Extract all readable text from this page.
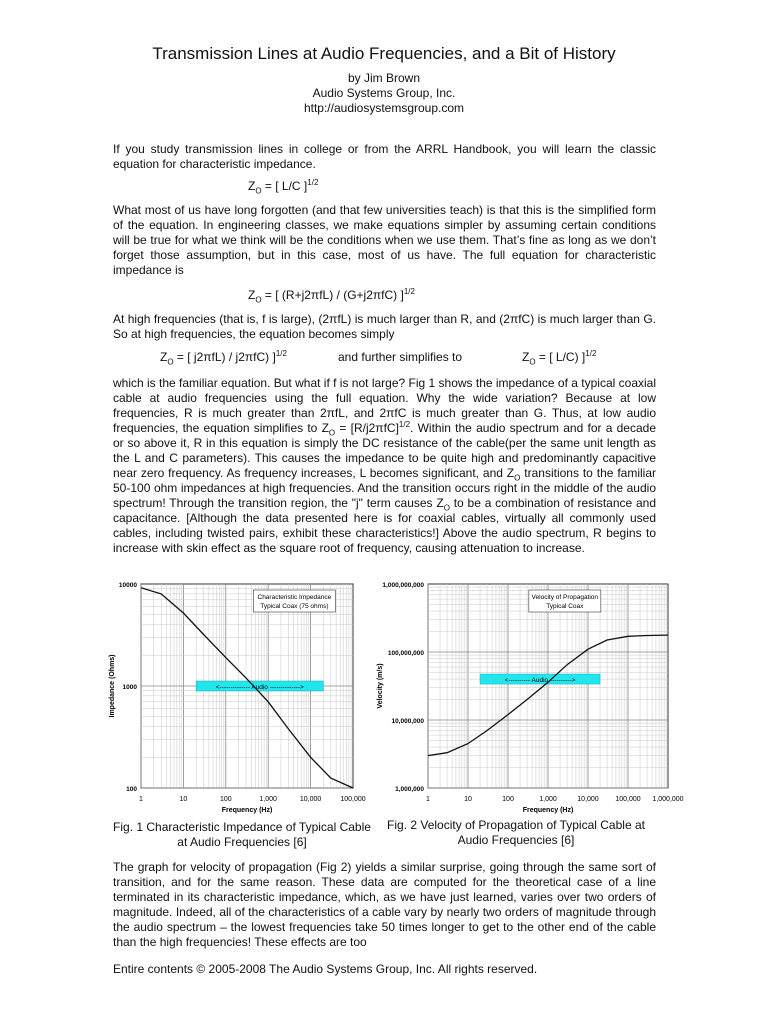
Transmission Lines at Audio Frequencies, and a Bit of History
by Jim Brown
Audio Systems Group, Inc.
http://audiosystemsgroup.com
If you study transmission lines in college or from the ARRL Handbook, you will learn the classic equation for characteristic impedance.
$Z_O$ = [ L/C ]$^{1/2}$
What most of us have long forgotten (and that few universities teach) is that this is the simplified form of the equation. In engineering classes, we make equations simpler by assuming certain conditions will be true for what we think will be the conditions when we use them. That’s fine as long as we don’t forget those assumption, but in this case, most of us have. The full equation for characteristic impedance is
$Z_O$ = [ (R+j2πfL) / (G+j2πfC) ]$^{1/2}$
At high frequencies (that is, f is large), (2πfL) is much larger than R, and (2πfC) is much larger than G. So at high frequencies, the equation becomes simply
$Z_O$ = [ j2πfL) / j2πfC) ]$^{1/2}$	and further simplifies to	$Z_O$ = [ L/C) ]$^{1/2}$
which is the familiar equation. But what if f is not large? Fig 1 shows the impedance of a typical coaxial cable at audio frequencies using the full equation. Why the wide variation? Because at low frequencies, R is much greater than 2πfL, and 2πfC is much greater than G. Thus, at low audio frequencies, the equation simplifies to $Z_O = [R/j2\pi fC]^{1/2}$. Within the audio spectrum and for a decade or so above it, R in this equation is simply the DC resistance of the cable(per the same unit length as the L and C parameters). This causes the impedance to be quite high and predominantly capacitive near zero frequency. As frequency increases, L becomes significant, and $Z_O$ transitions to the familiar 50-100 ohm impedances at high frequencies. And the transition occurs right in the middle of the audio spectrum! Through the transition region, the "j" term causes $Z_O$ to be a combination of resistance and capacitance. [Although the data presented here is for coaxial cables, virtually all commonly used cables, including twisted pairs, exhibit these characteristics!] Above the audio spectrum, R begins to increase with skin effect as the square root of frequency, causing attenuation to increase.
1	10	100	1,000	10,000	100,000
10000
1000
100
Frequency (Hz)
Impedance (Ohms)
Characteristic Impedance
Typical Coax (75 ohms)
<-------------- Audio -------------->
Fig. 1 Characteristic Impedance of Typical Cable at Audio Frequencies [6]
1	10	100	1,000	10,000 100,000 1,000,000
1,000,000,000
100,000,000
10,000,000
1,000,000
Frequency (Hz)
Velocity (m/s)
Velocity of Propagation
Typical Coax
<---------- Audio ---------->
Fig. 2 Velocity of Propagation of Typical Cable at Audio Frequencies [6]
The graph for velocity of propagation (Fig 2) yields a similar surprise, going through the same sort of transition, and for the same reason. These data are computed for the theoretical case of a line terminated in its characteristic impedance, which, as we have just learned, varies over two orders of magnitude. Indeed, all of the characteristics of a cable vary by nearly two orders of magnitude through the audio spectrum – the lowest frequencies take 50 times longer to get to the other end of the cable than the high frequencies! These effects are too
Entire contents © 2005-2008 The Audio Systems Group, Inc. All rights reserved.
